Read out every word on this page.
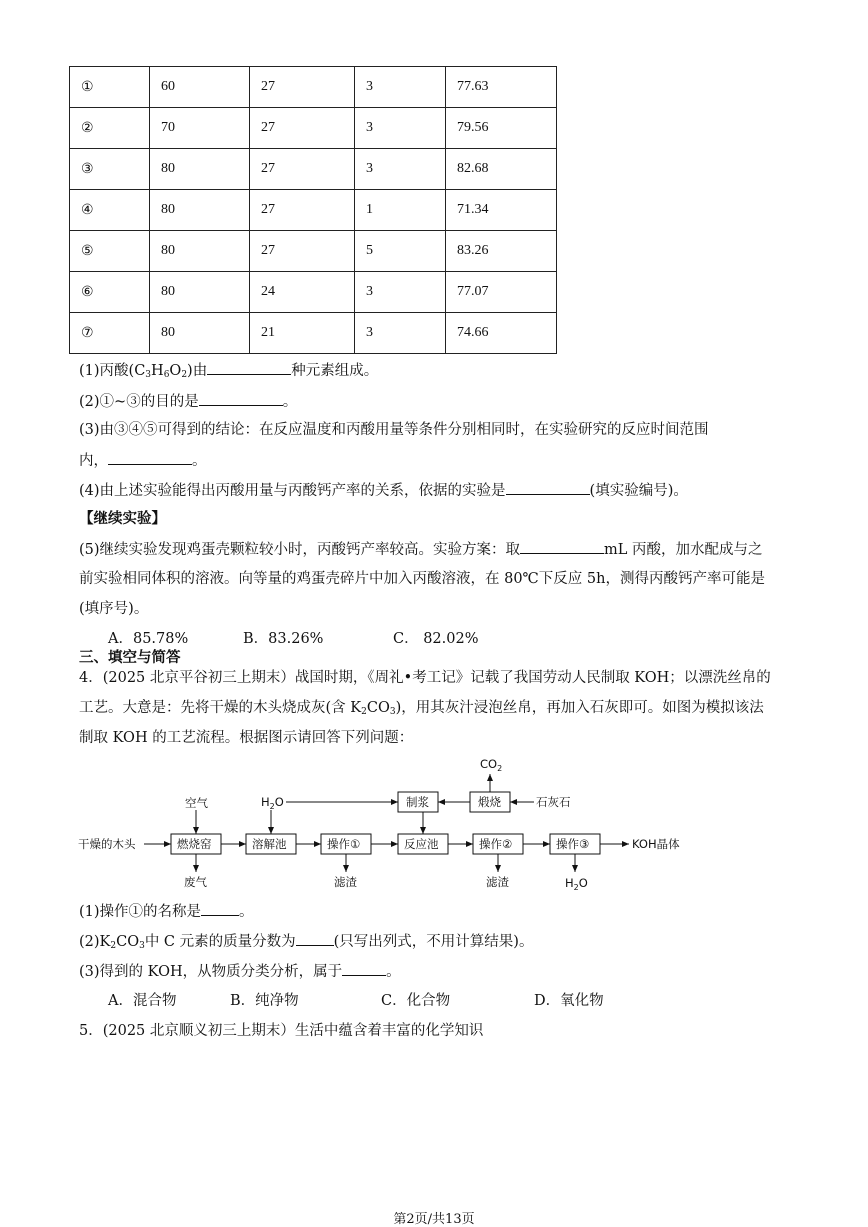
①	60	27	3	77.63
②	70	27	3	79.56
③	80	27	3	82.68
④	80	27	1	71.34
⑤	80	27	5	83.26
⑥	80	24	3	77.07
⑦	80	21	3	74.66
(1)丙酸$(C_3H_6O_2)$由	种元素组成。
(2)①~③的目的是	。
(3)由③④⑤可得到的结论：在反应温度和丙酸用量等条件分别相同时，在实验研究的反应时间范围
内，	。
(4)由上述实验能得出丙酸用量与丙酸钙产率的关系，依据的实验是	(填实验编号)。
【继续实验】
(5)继续实验发现鸡蛋壳颗粒较小时，丙酸钙产率较高。实验方案：取	mL 丙酸，加水配成与之
前实验相同体积的溶液。向等量的鸡蛋壳碎片中加入丙酸溶液，在 80℃下反应 5h，测得丙酸钙产率可能是
(填序号)。
A．85.78%	B．83.26%	C． 82.02%
三、填空与简答
4．(2025 北京平谷初三上期末）战国时期，《周礼•考工记》记载了我国劳动人民制取 KOH；以漂洗丝帛的
工艺。大意是：先将干燥的木头烧成灰(含 $K_2CO_3$)，用其灰汁浸泡丝帛，再加入石灰即可。如图为模拟该法
制取 KOH 的工艺流程。根据图示请回答下列问题：
干燥的木头
空气
废气
$H_2O$
$CO_2$
燃烧窑	溶解池	操作①	反应池	操作②	操作③
制浆	煅烧	石灰石
滤渣	滤渣	$H_2O$
KOH晶体
(1)操作①的名称是	。
$(2)K_2CO_3$中 C 元素的质量分数为	(只写出列式，不用计算结果)。
(3)得到的 KOH，从物质分类分析，属于	。
A．混合物	B．纯净物	C．化合物	D．氧化物
5．(2025 北京顺义初三上期末）生活中蕴含着丰富的化学知识
第2页/共13页
